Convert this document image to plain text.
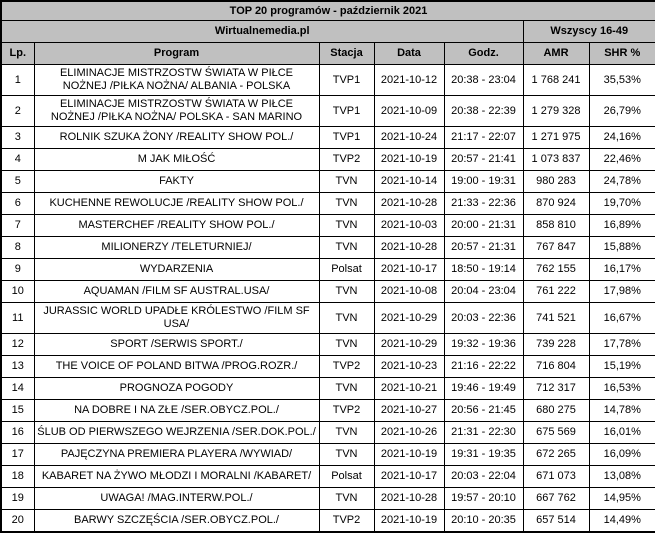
TOP 20 programów - październik 2021						
Wirtualnemedia.pl					Wszyscy 16-49	
Lp.	Program	Stacja	Data	Godz.	AMR	SHR %
1	ELIMINACJE MISTRZOSTW ŚWIATA W PIŁCE NOŻNEJ /PIŁKA NOŻNA/ ALBANIA - POLSKA	TVP1	2021-10-12	20:38 - 23:04	1 768 241	35,53%
2	ELIMINACJE MISTRZOSTW ŚWIATA W PIŁCE NOŻNEJ /PIŁKA NOŻNA/ POLSKA - SAN MARINO	TVP1	2021-10-09	20:38 - 22:39	1 279 328	26,79%
3	ROLNIK SZUKA ŻONY /REALITY SHOW POL./	TVP1	2021-10-24	21:17 - 22:07	1 271 975	24,16%
4	M JAK MIŁOŚĆ	TVP2	2021-10-19	20:57 - 21:41	1 073 837	22,46%
5	FAKTY	TVN	2021-10-14	19:00 - 19:31	980 283	24,78%
6	KUCHENNE REWOLUCJE /REALITY SHOW POL./	TVN	2021-10-28	21:33 - 22:36	870 924	19,70%
7	MASTERCHEF /REALITY SHOW POL./	TVN	2021-10-03	20:00 - 21:31	858 810	16,89%
8	MILIONERZY /TELETURNIEJ/	TVN	2021-10-28	20:57 - 21:31	767 847	15,88%
9	WYDARZENIA	Polsat	2021-10-17	18:50 - 19:14	762 155	16,17%
10	AQUAMAN /FILM SF AUSTRAL.USA/	TVN	2021-10-08	20:04 - 23:04	761 222	17,98%
11	JURASSIC WORLD UPADŁE KRÓLESTWO /FILM SF USA/	TVN	2021-10-29	20:03 - 22:36	741 521	16,67%
12	SPORT /SERWIS SPORT./	TVN	2021-10-29	19:32 - 19:36	739 228	17,78%
13	THE VOICE OF POLAND BITWA /PROG.ROZR./	TVP2	2021-10-23	21:16 - 22:22	716 804	15,19%
14	PROGNOZA POGODY	TVN	2021-10-21	19:46 - 19:49	712 317	16,53%
15	NA DOBRE I NA ZŁE /SER.OBYCZ.POL./	TVP2	2021-10-27	20:56 - 21:45	680 275	14,78%
16	ŚLUB OD PIERWSZEGO WEJRZENIA /SER.DOK.POL./	TVN	2021-10-26	21:31 - 22:30	675 569	16,01%
17	PAJĘCZYNA PREMIERA PLAYERA /WYWIAD/	TVN	2021-10-19	19:31 - 19:35	672 265	16,09%
18	KABARET NA ŻYWO MŁODZI I MORALNI /KABARET/	Polsat	2021-10-17	20:03 - 22:04	671 073	13,08%
19	UWAGA! /MAG.INTERW.POL./	TVN	2021-10-28	19:57 - 20:10	667 762	14,95%
20	BARWY SZCZĘŚCIA /SER.OBYCZ.POL./	TVP2	2021-10-19	20:10 - 20:35	657 514	14,49%
